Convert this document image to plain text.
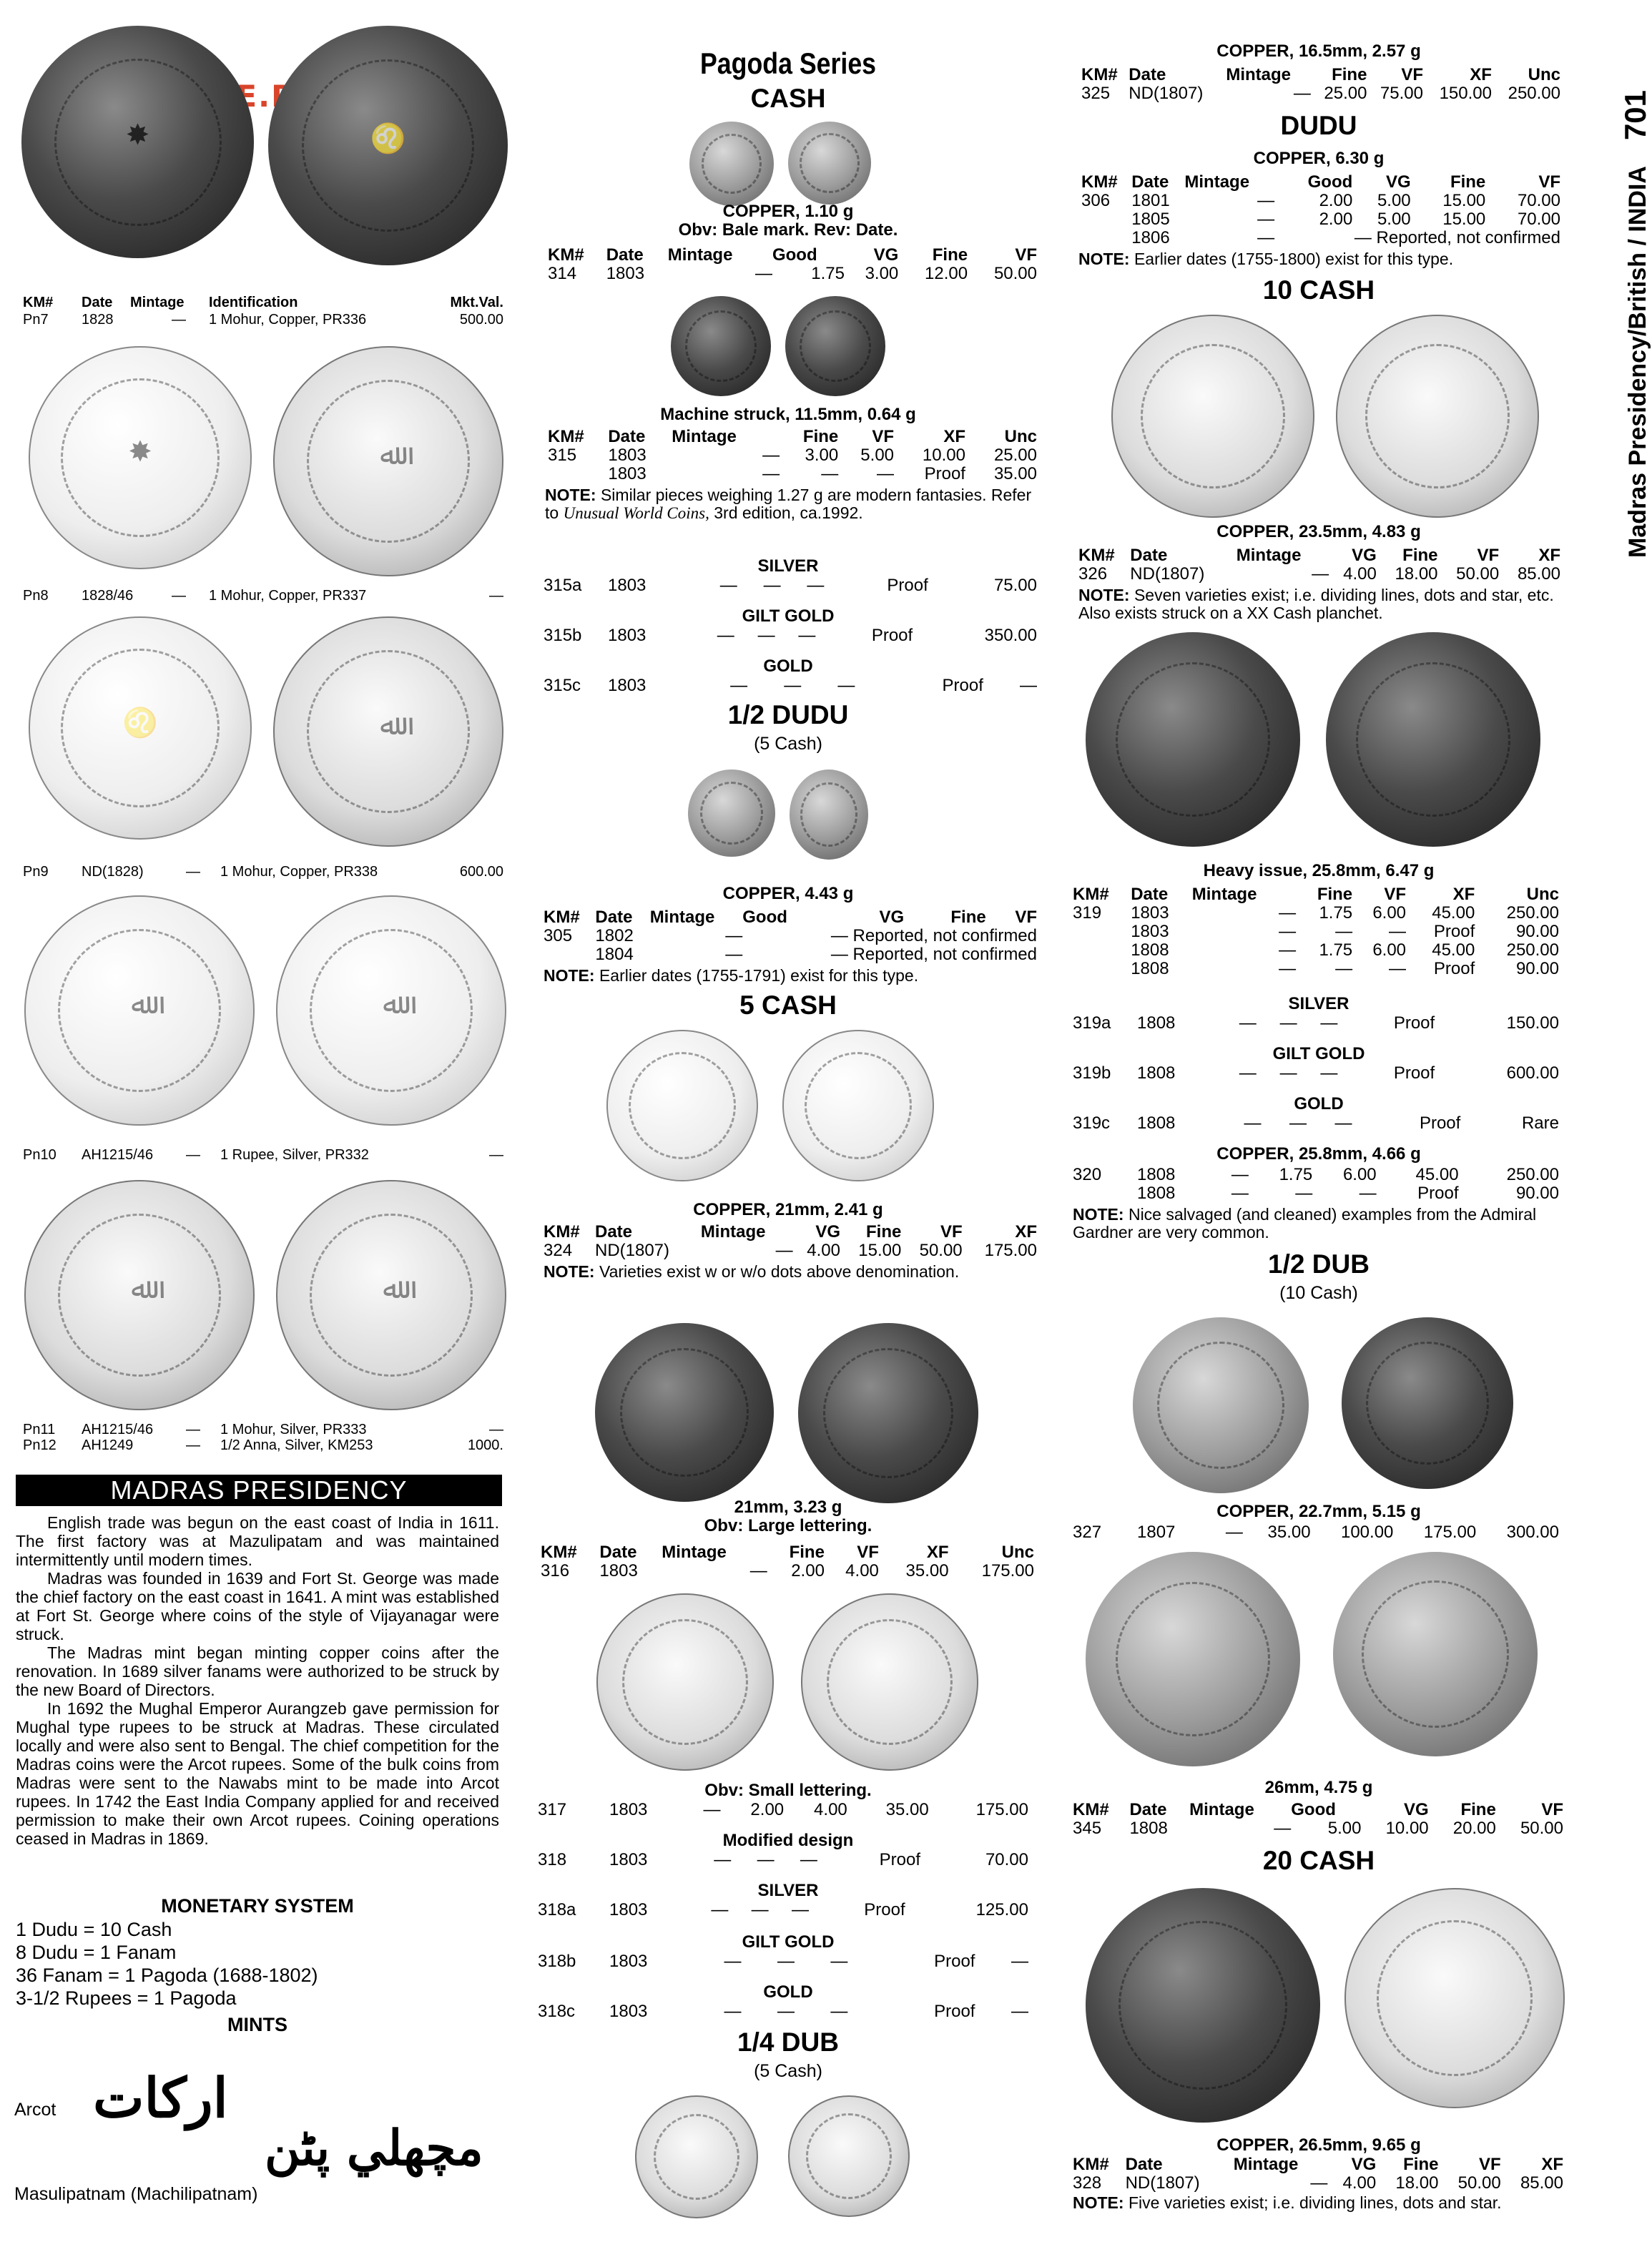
Madras Presidency/British / INDIA701
✸	♌
KM# Date Mintage Identification	Mkt.Val.
Pn7 1828	— 1 Mohur, Copper, PR336	500.00
✸	ﷲ
Pn8 1828/46	— 1 Mohur, Copper, PR337	—
♌	ﷲ
Pn9 ND(1828)	— 1 Mohur, Copper, PR338	600.00
ﷲ	ﷲ
Pn10 AH1215/46 — 1 Rupee, Silver, PR332	—
ﷲ	ﷲ
Pn11 AH1215/46 — 1 Mohur, Silver, PR333	—
Pn12 AH1249	— 1/2 Anna, Silver, KM253	1000.
MADRAS PRESIDENCY
English trade was begun on the east coast of India in 1611. The first factory was at Mazulipatam and was maintained intermittently until modern times.
Madras was founded in 1639 and Fort St. George was made the chief factory on the east coast in 1641. A mint was established at Fort St. George where coins of the style of Vijayanagar were struck.
The Madras mint began minting copper coins after the renovation. In 1689 silver fanams were authorized to be struck by the new Board of Directors.
In 1692 the Mughal Emperor Aurangzeb gave permission for Mughal type rupees to be struck at Madras. These circulated locally and were also sent to Bengal. The chief competition for the Madras coins were the Arcot rupees. Some of the bulk coins from Madras were sent to the Nawabs mint to be made into Arcot rupees. In 1742 the East India Company applied for and received permission to make their own Arcot rupees. Coining operations ceased in Madras in 1869.
MONETARY SYSTEM
1 Dudu = 10 Cash
8 Dudu = 1 Fanam
36 Fanam = 1 Pagoda (1688-1802)
3-1/2 Rupees = 1 Pagoda
MINTS
Arcot ارکات
مچھلي پٹن
Masulipatnam (Machilipatnam)
Pagoda Series
CASH
COPPER, 1.10 g
Obv: Bale mark. Rev: Date.
KM#	Date	Mintage	Good	VG	Fine	VF
314	1803	—	1.75	3.00	12.00	50.00
Machine struck, 11.5mm, 0.64 g
KM#	Date	Mintage	Fine	VF	XF	Unc
315	1803	—	3.00	5.00	10.00	25.00
	1803	—	—	—	Proof	35.00
NOTE: Similar pieces weighing 1.27 g are modern fantasies. Refer to Unusual World Coins, 3rd edition, ca.1992.
SILVER
315a	1803	—	—	—	Proof	75.00
GILT GOLD
315b	1803	—	—	—	Proof	350.00
GOLD
315c	1803	—	—	—	Proof	—
1/2 DUDU
(5 Cash)
COPPER, 4.43 g
KM#	Date	Mintage	Good	VG	Fine	VF
305	1802	—	— Reported, not confirmed			
	1804	—	— Reported, not confirmed			
NOTE: Earlier dates (1755-1791) exist for this type.
5 CASH
COPPER, 21mm, 2.41 g
KM#	Date	Mintage	VG	Fine	VF	XF
324	ND(1807)	—	4.00	15.00	50.00	175.00
NOTE: Varieties exist w or w/o dots above denomination.
21mm, 3.23 g
Obv: Large lettering.
KM#	Date	Mintage	Fine	VF	XF	Unc
316	1803	—	2.00	4.00	35.00	175.00
Obv: Small lettering.
317	1803	—	2.00	4.00	35.00	175.00
Modified design
318	1803	—	—	—	Proof	70.00
SILVER
318a	1803	—	—	—	Proof	125.00
GILT GOLD
318b	1803	—	—	—	Proof	—
GOLD
318c	1803	—	—	—	Proof	—
1/4 DUB
(5 Cash)
COPPER, 16.5mm, 2.57 g
KM#	Date	Mintage	Fine	VF	XF	Unc
325	ND(1807)	—	25.00	75.00	150.00	250.00
DUDU
COPPER, 6.30 g
KM#	Date	Mintage	Good	VG	Fine	VF
306	1801	—	2.00	5.00	15.00	70.00
	1805	—	2.00	5.00	15.00	70.00
	1806	—	— Reported, not confirmed			
NOTE: Earlier dates (1755-1800) exist for this type.
10 CASH
COPPER, 23.5mm, 4.83 g
KM#	Date	Mintage	VG	Fine	VF	XF
326	ND(1807)	—	4.00	18.00	50.00	85.00
NOTE: Seven varieties exist; i.e. dividing lines, dots and star, etc. Also exists struck on a XX Cash planchet.
Heavy issue, 25.8mm, 6.47 g
KM#	Date	Mintage	Fine	VF	XF	Unc
319	1803	—	1.75	6.00	45.00	250.00
	1803	—	—	—	Proof	90.00
	1808	—	1.75	6.00	45.00	250.00
	1808	—	—	—	Proof	90.00
SILVER
319a	1808	—	—	—	Proof	150.00
GILT GOLD
319b	1808	—	—	—	Proof	600.00
GOLD
319c	1808	—	—	—	Proof	Rare
COPPER, 25.8mm, 4.66 g
320	1808	—	1.75	6.00	45.00	250.00
	1808	—	—	—	Proof	90.00
NOTE: Nice salvaged (and cleaned) examples from the Admiral Gardner are very common.
1/2 DUB
(10 Cash)
COPPER, 22.7mm, 5.15 g
327	1807	—	35.00	100.00	175.00	300.00
26mm, 4.75 g
KM#	Date	Mintage	Good	VG	Fine	VF
345	1808	—	5.00	10.00	20.00	50.00
20 CASH
COPPER, 26.5mm, 9.65 g
KM#	Date	Mintage	VG	Fine	VF	XF
328	ND(1807)	—	4.00	18.00	50.00	85.00
NOTE: Five varieties exist; i.e. dividing lines, dots and star.
